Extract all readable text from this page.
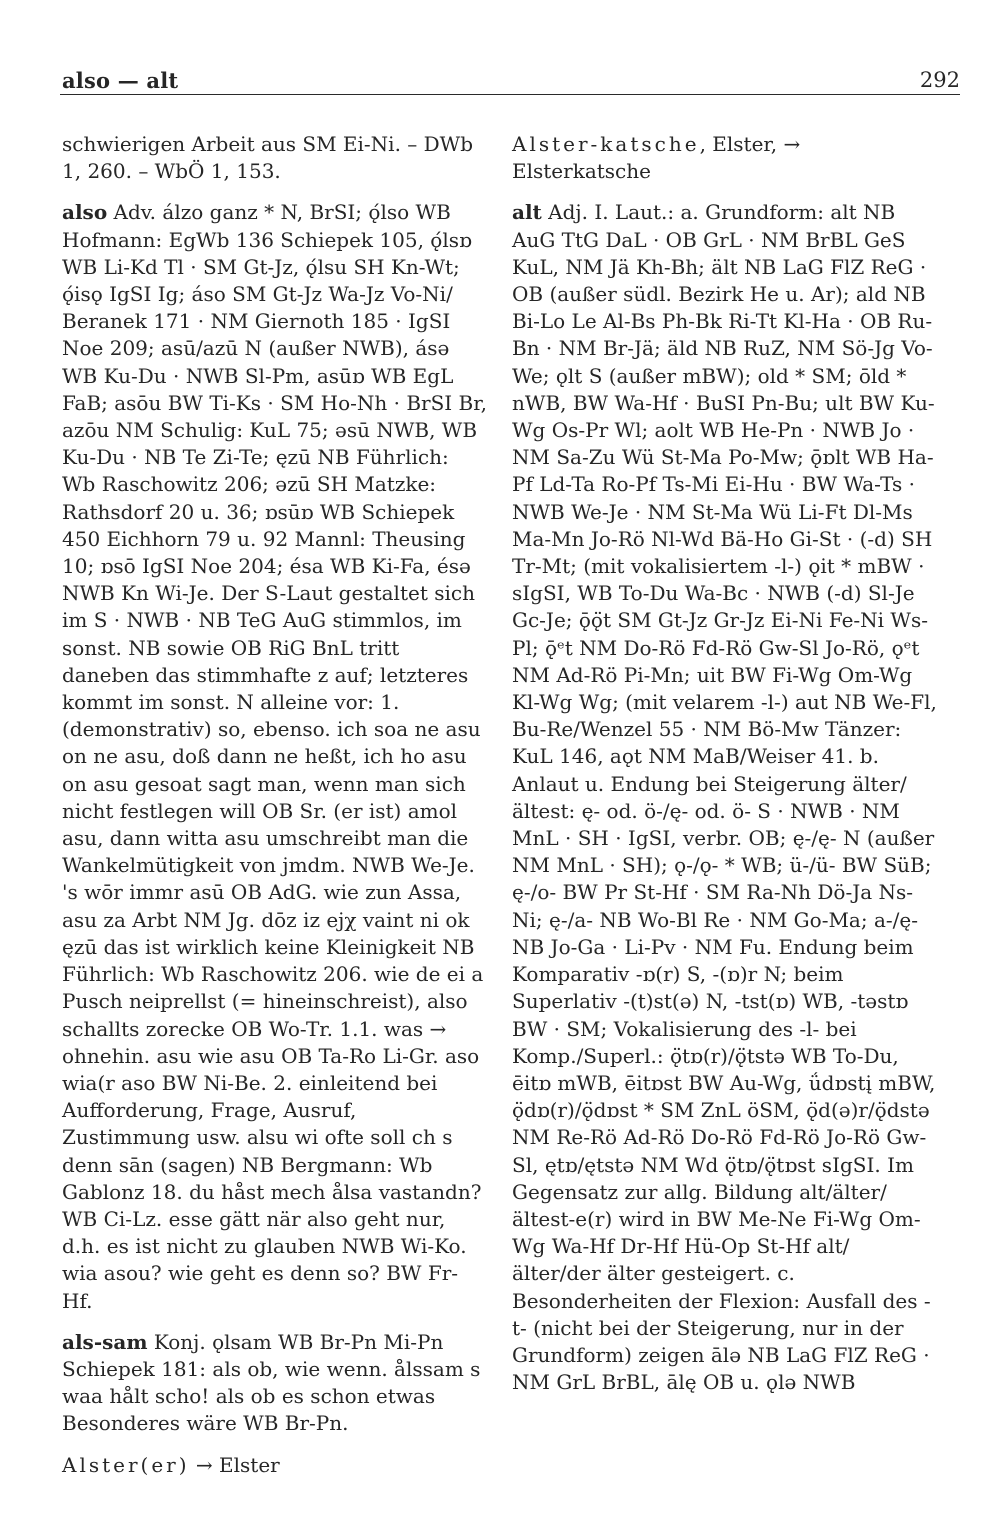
also — alt	292

schwierigen Arbeit aus SM Ei-Ni. – DWb 1, 260. – WbÖ 1, 153.

also Adv. álzo ganz * N, BrSI; ǫ́lso WB Hofmann: EgWb 136 Schiepek 105, ǫ́lsɒ WB Li-Kd Tl · SM Gt-Jz, ǫ́lsu SH Kn-Wt; ǫ́isǫ IgSI Ig; áso SM Gt-Jz Wa-Jz Vo-Ni/ Beranek 171 · NM Giernoth 185 · IgSI Noe 209; asū/azū N (außer NWB), ásə WB Ku-Du · NWB Sl-Pm, asūɒ WB EgL FaB; asōu BW Ti-Ks · SM Ho-Nh · BrSI Br, azōu NM Schulig: KuL 75; əsū NWB, WB Ku-Du · NB Te Zi-Te; ęzū NB Führlich: Wb Raschowitz 206; əzū SH Matzke: Rathsdorf 20 u. 36; ɒsūɒ WB Schiepek 450 Eichhorn 79 u. 92 Mannl: Theusing 10; ɒsō IgSI Noe 204; ésa WB Ki-Fa, ésə NWB Kn Wi-Je. Der S-Laut gestaltet sich im S · NWB · NB TeG AuG stimmlos, im sonst. NB sowie OB RiG BnL tritt daneben das stimmhafte z auf; letzteres kommt im sonst. N alleine vor: 1. (demonstrativ) so, ebenso. ich soa ne asu on ne asu, doß dann ne heßt, ich ho asu on asu gesoat sagt man, wenn man sich nicht festlegen will OB Sr. (er ist) amol asu, dann witta asu umschreibt man die Wankelmütigkeit von jmdm. NWB We-Je. 's wōr immr asū OB AdG. wie zun Assa, asu za Arbt NM Jg. dōz iz ejχ vaint ni ok ęzū das ist wirklich keine Kleinigkeit NB Führlich: Wb Raschowitz 206. wie de ei a Pusch neiprellst (= hineinschreist), also schallts zorecke OB Wo-Tr. 1.1. was → ohnehin. asu wie asu OB Ta-Ro Li-Gr. aso wia(r aso BW Ni-Be. 2. einleitend bei Aufforderung, Frage, Ausruf, Zustimmung usw. alsu wi ofte soll ch s denn sān (sagen) NB Bergmann: Wb Gablonz 18. du håst mech ålsa vastandn? WB Ci-Lz. esse gätt när also geht nur, d.h. es ist nicht zu glauben NWB Wi-Ko. wia asou? wie geht es denn so? BW Fr-Hf.

als-sam Konj. ǫlsam WB Br-Pn Mi-Pn Schiepek 181: als ob, wie wenn. ålssam s waa hålt scho! als ob es schon etwas Besonderes wäre WB Br-Pn.

Alster(er) → Elster

Alster-katsche, Elster, → Elsterkatsche

alt Adj. I. Laut.: a. Grundform: alt NB AuG TtG DaL · OB GrL · NM BrBL GeS KuL, NM Jä Kh-Bh; ält NB LaG FlZ ReG · OB (außer südl. Bezirk He u. Ar); ald NB Bi-Lo Le Al-Bs Ph-Bk Ri-Tt Kl-Ha · OB Ru-Bn · NM Br-Jä; äld NB RuZ, NM Sö-Jg Vo-We; ǫlt S (außer mBW); old * SM; ōld * nWB, BW Wa-Hf · BuSI Pn-Bu; ult BW Ku-Wg Os-Pr Wl; aolt WB He-Pn · NWB Jo · NM Sa-Zu Wü St-Ma Po-Mw; ǭɒlt WB Ha-Pf Ld-Ta Ro-Pf Ts-Mi Ei-Hu · BW Wa-Ts · NWB We-Je · NM St-Ma Wü Li-Ft Dl-Ms Ma-Mn Jo-Rö Nl-Wd Bä-Ho Gi-St · (-d) SH Tr-Mt; (mit vokalisiertem -l-) ǫit * mBW · sIgSI, WB To-Du Wa-Bc · NWB (-d) Sl-Je Gc-Je; ǭǫ̈t SM Gt-Jz Gr-Jz Ei-Ni Fe-Ni Ws-Pl; ǭᵉt NM Do-Rö Fd-Rö Gw-Sl Jo-Rö, ǫᵉt NM Ad-Rö Pi-Mn; uit BW Fi-Wg Om-Wg Kl-Wg Wg; (mit velarem -l-) aut NB We-Fl, Bu-Re/Wenzel 55 · NM Bö-Mw Tänzer: KuL 146, aǫt NM MaB/Weiser 41. b. Anlaut u. Endung bei Steigerung älter/ ältest: ę- od. ö-/ę- od. ö- S · NWB · NM MnL · SH · IgSI, verbr. OB; ę-/ę- N (außer NM MnL · SH); ǫ-/ǫ- * WB; ü-/ü- BW SüB; ę-/o- BW Pr St-Hf · SM Ra-Nh Dö-Ja Ns-Ni; ę-/a- NB Wo-Bl Re · NM Go-Ma; a-/ę- NB Jo-Ga · Li-Pv · NM Fu. Endung beim Komparativ -ɒ(r) S, -(ɒ)r N; beim Superlativ -(t)st(ə) N, -tst(ɒ) WB, -təstɒ BW · SM; Vokalisierung des -l- bei Komp./Superl.: ǫ̈tɒ(r)/ǫ̈tstə WB To-Du, ēitɒ mWB, ēitɒst BW Au-Wg, ǘdɒstį mBW, ǫ̈dɒ(r)/ǫ̈dɒst * SM ZnL öSM, ǫ̈d(ə)r/ǫ̈dstə NM Re-Rö Ad-Rö Do-Rö Fd-Rö Jo-Rö Gw-Sl, ętɒ/ętstə NM Wd ǫ̈tɒ/ǫ̈tɒst sIgSI. Im Gegensatz zur allg. Bildung alt/älter/ältest-e(r) wird in BW Me-Ne Fi-Wg Om-Wg Wa-Hf Dr-Hf Hü-Op St-Hf alt/älter/der älter gesteigert. c. Besonderheiten der Flexion: Ausfall des -t- (nicht bei der Steigerung, nur in der Grundform) zeigen ālə NB LaG FlZ ReG · NM GrL BrBL, ālę OB u. ǫlə NWB
